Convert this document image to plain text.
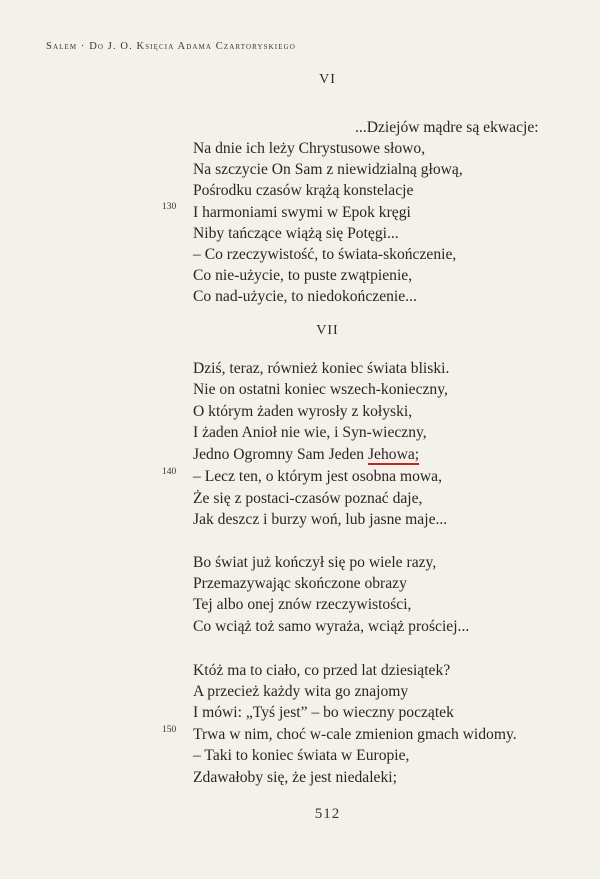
Salem · Do J. O. Księcia Adama Czartoryskiego
VI
...Dziejów mądre są ekwacje:
Na dnie ich leży Chrystusowe słowo,
Na szczycie On Sam z niewidzialną głową,
Pośrodku czasów krążą konstelacje
130 I harmoniami swymi w Epok kręgi
Niby tańczące wiążą się Potęgi...
– Co rzeczywistość, to świata-skończenie,
Co nie-użycie, to puste zwątpienie,
Co nad-użycie, to niedokończenie...
VII
Dziś, teraz, również koniec świata bliski.
Nie on ostatni koniec wszech-konieczny,
O którym żaden wyrosły z kołyski,
I żaden Anioł nie wie, i Syn-wieczny,
Jedno Ogromny Sam Jeden Jehowa;
140 – Lecz ten, o którym jest osobna mowa,
Że się z postaci-czasów poznać daje,
Jak deszcz i burzy woń, lub jasne maje...
Bo świat już kończył się po wiele razy,
Przemazywając skończone obrazy
Tej albo onej znów rzeczywistości,
Co wciąż toż samo wyraża, wciąż prościej...
Któż ma to ciało, co przed lat dziesiątek?
A przecież każdy wita go znajomy
I mówi: „Tyś jest” – bo wieczny początek
150 Trwa w nim, choć w-cale zmienion gmach widomy.
– Taki to koniec świata w Europie,
Zdawałoby się, że jest niedaleki;
512
